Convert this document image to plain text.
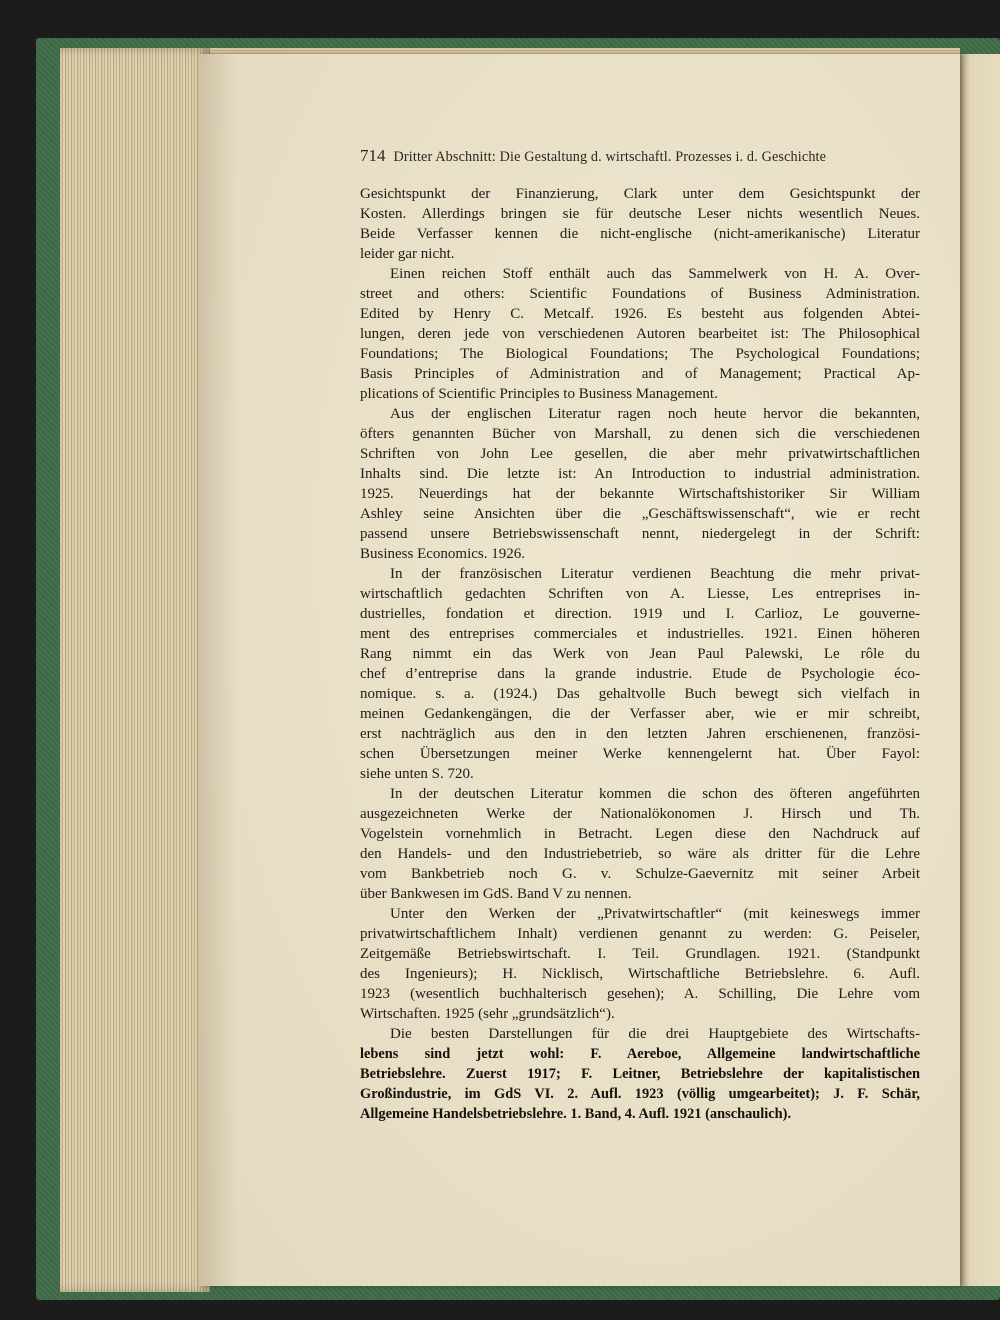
714 Dritter Abschnitt: Die Gestaltung d. wirtschaftl. Prozesses i. d. Geschichte
Gesichtspunkt der Finanzierung, Clark unter dem Gesichtspunkt der
Kosten. Allerdings bringen sie für deutsche Leser nichts wesentlich Neues.
Beide Verfasser kennen die nicht-englische (nicht-amerikanische) Literatur
leider gar nicht.
Einen reichen Stoff enthält auch das Sammelwerk von H. A. Over-
street and others: Scientific Foundations of Business Administration.
Edited by Henry C. Metcalf. 1926. Es besteht aus folgenden Abtei-
lungen, deren jede von verschiedenen Autoren bearbeitet ist: The Philosophical
Foundations; The Biological Foundations; The Psychological Foundations;
Basis Principles of Administration and of Management; Practical Ap-
plications of Scientific Principles to Business Management.
Aus der englischen Literatur ragen noch heute hervor die bekannten,
öfters genannten Bücher von Marshall, zu denen sich die verschiedenen
Schriften von John Lee gesellen, die aber mehr privatwirtschaftlichen
Inhalts sind. Die letzte ist: An Introduction to industrial administration.
1925. Neuerdings hat der bekannte Wirtschaftshistoriker Sir William
Ashley seine Ansichten über die „Geschäftswissenschaft“, wie er recht
passend unsere Betriebswissenschaft nennt, niedergelegt in der Schrift:
Business Economics. 1926.
In der französischen Literatur verdienen Beachtung die mehr privat-
wirtschaftlich gedachten Schriften von A. Liesse, Les entreprises in-
dustrielles, fondation et direction. 1919 und I. Carlioz, Le gouverne-
ment des entreprises commerciales et industrielles. 1921. Einen höheren
Rang nimmt ein das Werk von Jean Paul Palewski, Le rôle du
chef d’entreprise dans la grande industrie. Etude de Psychologie éco-
nomique. s. a. (1924.) Das gehaltvolle Buch bewegt sich vielfach in
meinen Gedankengängen, die der Verfasser aber, wie er mir schreibt,
erst nachträglich aus den in den letzten Jahren erschienenen, französi-
schen Übersetzungen meiner Werke kennengelernt hat. Über Fayol:
siehe unten S. 720.
In der deutschen Literatur kommen die schon des öfteren angeführten
ausgezeichneten Werke der Nationalökonomen J. Hirsch und Th.
Vogelstein vornehmlich in Betracht. Legen diese den Nachdruck auf
den Handels- und den Industriebetrieb, so wäre als dritter für die Lehre
vom Bankbetrieb noch G. v. Schulze-Gaevernitz mit seiner Arbeit
über Bankwesen im GdS. Band V zu nennen.
Unter den Werken der „Privatwirtschaftler“ (mit keineswegs immer
privatwirtschaftlichem Inhalt) verdienen genannt zu werden: G. Peiseler,
Zeitgemäße Betriebswirtschaft. I. Teil. Grundlagen. 1921. (Standpunkt
des Ingenieurs); H. Nicklisch, Wirtschaftliche Betriebslehre. 6. Aufl.
1923 (wesentlich buchhalterisch gesehen); A. Schilling, Die Lehre vom
Wirtschaften. 1925 (sehr „grundsätzlich“).
Die besten Darstellungen für die drei Hauptgebiete des Wirtschafts-
lebens sind jetzt wohl: F. Aereboe, Allgemeine landwirtschaftliche
Betriebslehre. Zuerst 1917; F. Leitner, Betriebslehre der kapitalistischen
Großindustrie, im GdS VI. 2. Aufl. 1923 (völlig umgearbeitet); J. F. Schär,
Allgemeine Handelsbetriebslehre. 1. Band, 4. Aufl. 1921 (anschaulich).
